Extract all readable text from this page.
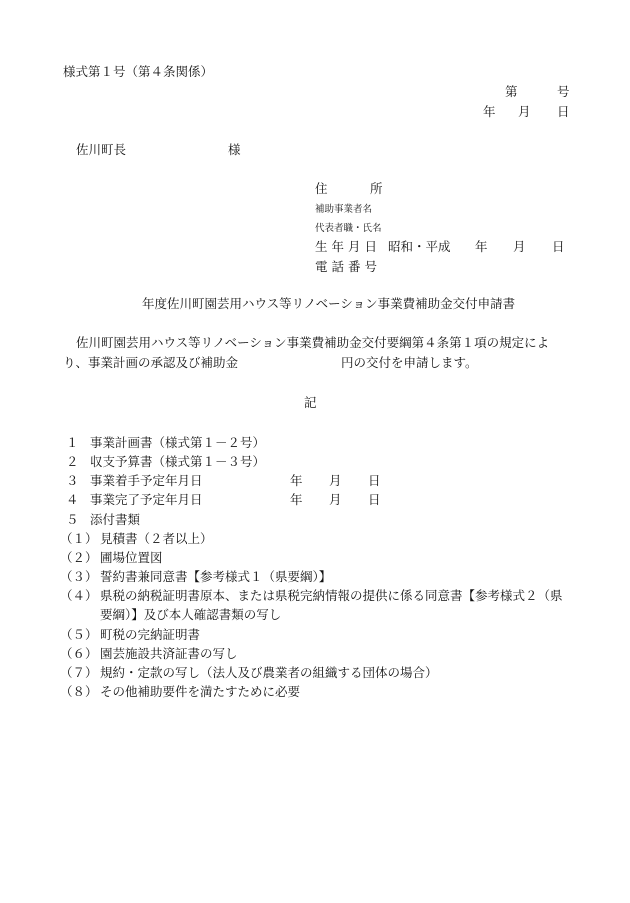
様式第１号（第４条関係）
第	号
年 月 日
佐川町長	様
住　所
補助事業者名
代表者職・氏名
生年月日 昭和・平成 年 月 日
電話番号
年度佐川町園芸用ハウス等リノベーション事業費補助金交付申請書
佐川町園芸用ハウス等リノベーション事業費補助金交付要綱第４条第１項の規定によ
り、事業計画の承認及び補助金	円の交付を申請します。
記
１ 事業計画書（様式第１－２号）
２ 収支予算書（様式第１－３号）
３ 事業着手予定年月日	年 月 日
４ 事業完了予定年月日	年 月 日
５ 添付書類
（１） 見積書（２者以上）
（２） 圃場位置図
（３） 誓約書兼同意書【参考様式１（県要綱）】
（４） 県税の納税証明書原本、または県税完納情報の提供に係る同意書【参考様式２（県
要綱）】及び本人確認書類の写し
（５） 町税の完納証明書
（６） 園芸施設共済証書の写し
（７） 規約・定款の写し（法人及び農業者の組織する団体の場合）
（８） その他補助要件を満たすために必要
